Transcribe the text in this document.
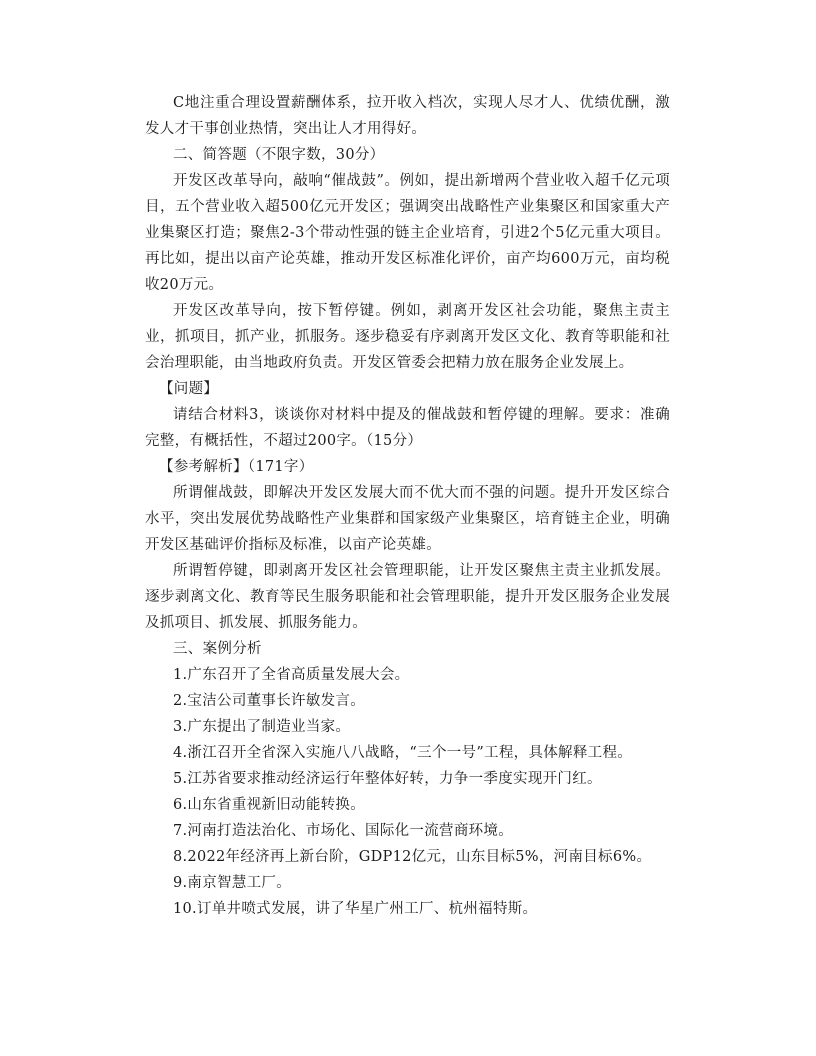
C地注重合理设置薪酬体系，拉开收入档次，实现人尽才人、优绩优酬，激发人才干事创业热情，突出让人才用得好。

二、简答题（不限字数，30分）

开发区改革导向，敲响“催战鼓”。例如，提出新增两个营业收入超千亿元项目，五个营业收入超500亿元开发区；强调突出战略性产业集聚区和国家重大产业集聚区打造；聚焦2-3个带动性强的链主企业培育，引进2个5亿元重大项目。再比如，提出以亩产论英雄，推动开发区标准化评价，亩产均600万元，亩均税收20万元。

开发区改革导向，按下暂停键。例如，剥离开发区社会功能，聚焦主责主业，抓项目，抓产业，抓服务。逐步稳妥有序剥离开发区文化、教育等职能和社会治理职能，由当地政府负责。开发区管委会把精力放在服务企业发展上。

【问题】

请结合材料3，谈谈你对材料中提及的催战鼓和暂停键的理解。要求：准确完整，有概括性，不超过200字。（15分）

【参考解析】（171字）

所谓催战鼓，即解决开发区发展大而不优大而不强的问题。提升开发区综合水平，突出发展优势战略性产业集群和国家级产业集聚区，培育链主企业，明确开发区基础评价指标及标准，以亩产论英雄。

所谓暂停键，即剥离开发区社会管理职能，让开发区聚焦主责主业抓发展。逐步剥离文化、教育等民生服务职能和社会管理职能，提升开发区服务企业发展及抓项目、抓发展、抓服务能力。

三、案例分析

1.广东召开了全省高质量发展大会。
2.宝洁公司董事长许敏发言。
3.广东提出了制造业当家。
4.浙江召开全省深入实施八八战略，“三个一号”工程，具体解释工程。
5.江苏省要求推动经济运行年整体好转，力争一季度实现开门红。
6.山东省重视新旧动能转换。
7.河南打造法治化、市场化、国际化一流营商环境。
8.2022年经济再上新台阶，GDP12亿元，山东目标5%，河南目标6%。
9.南京智慧工厂。
10.订单井喷式发展，讲了华星广州工厂、杭州福特斯。
